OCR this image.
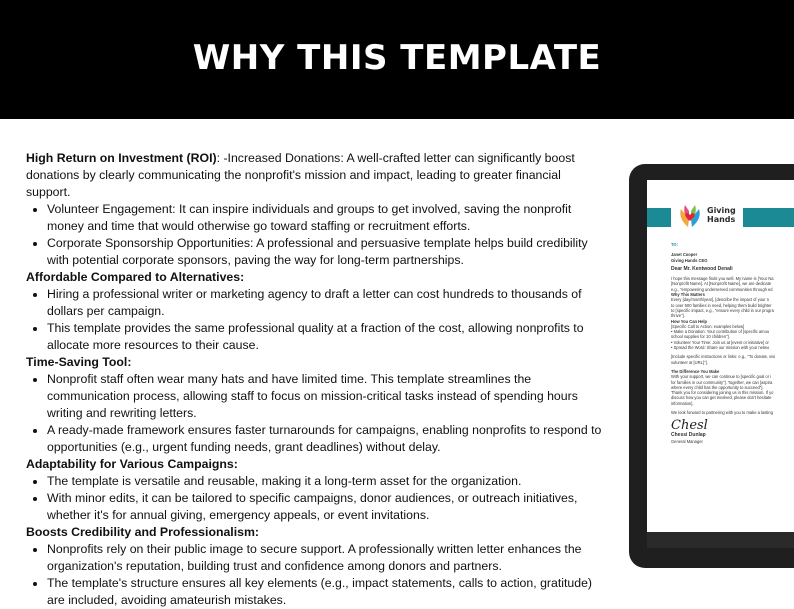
WHY THIS TEMPLATE

High Return on Investment (ROI): -Increased Donations: A well-crafted letter can significantly boost donations by clearly communicating the nonprofit's mission and impact, leading to greater financial support.

• Volunteer Engagement: It can inspire individuals and groups to get involved, saving the nonprofit money and time that would otherwise go toward staffing or recruitment efforts.
• Corporate Sponsorship Opportunities: A professional and persuasive template helps build credibility with potential corporate sponsors, paving the way for long-term partnerships.

Affordable Compared to Alternatives:

• Hiring a professional writer or marketing agency to draft a letter can cost hundreds to thousands of dollars per campaign.
• This template provides the same professional quality at a fraction of the cost, allowing nonprofits to allocate more resources to their cause.

Time-Saving Tool:

• Nonprofit staff often wear many hats and have limited time. This template streamlines the communication process, allowing staff to focus on mission-critical tasks instead of spending hours writing and rewriting letters.
• A ready-made framework ensures faster turnarounds for campaigns, enabling nonprofits to respond to opportunities (e.g., urgent funding needs, grant deadlines) without delay.

Adaptability for Various Campaigns:

• The template is versatile and reusable, making it a long-term asset for the organization.
• With minor edits, it can be tailored to specific campaigns, donor audiences, or outreach initiatives, whether it's for annual giving, emergency appeals, or event invitations.

Boosts Credibility and Professionalism:

• Nonprofits rely on their public image to secure support. A professionally written letter enhances the organization's reputation, building trust and confidence among donors and partners.
• The template's structure ensures all key elements (e.g., impact statements, calls to action, gratitude) are included, avoiding amateurish mistakes.
Giving
Hands

TO:

Janet Cooper

Giving Hands CEO

Dear Mr. Kentwood Denali

I hope this message finds you well. My name is [Your Na

[Nonprofit Name]. At [Nonprofit Name], we are dedicate

e.g., "empowering underserved communities through ed

Why This Matters

Every [day/month/year], [describe the impact of your n

to over 500 families in need, helping them build brighter

to [specific impact, e.g., "ensure every child in our progra

thrive"].

How You Can Help

[Specific Call to Action: examples below]

• Make a Donation: Your contribution of [specific amou

school supplies for 10 children"].

• Volunteer Your Time: Join us at [event or initiative] or

• Spread the Word: Share our mission with your netwo

[Include specific instructions or links: e.g., "To donate, visi

volunteer at [URL]"].

The Difference You Make

With your support, we can continue to [specific goal or i

for families in our community"]. Together, we can [aspira

where every child has the opportunity to succeed"].

Thank you for considering joining us in this mission. If yo

discuss how you can get involved, please don't hesitate

information].

We look forward to partnering with you to make a lasting

Chesl

Chessi Dunlap

General Manager
